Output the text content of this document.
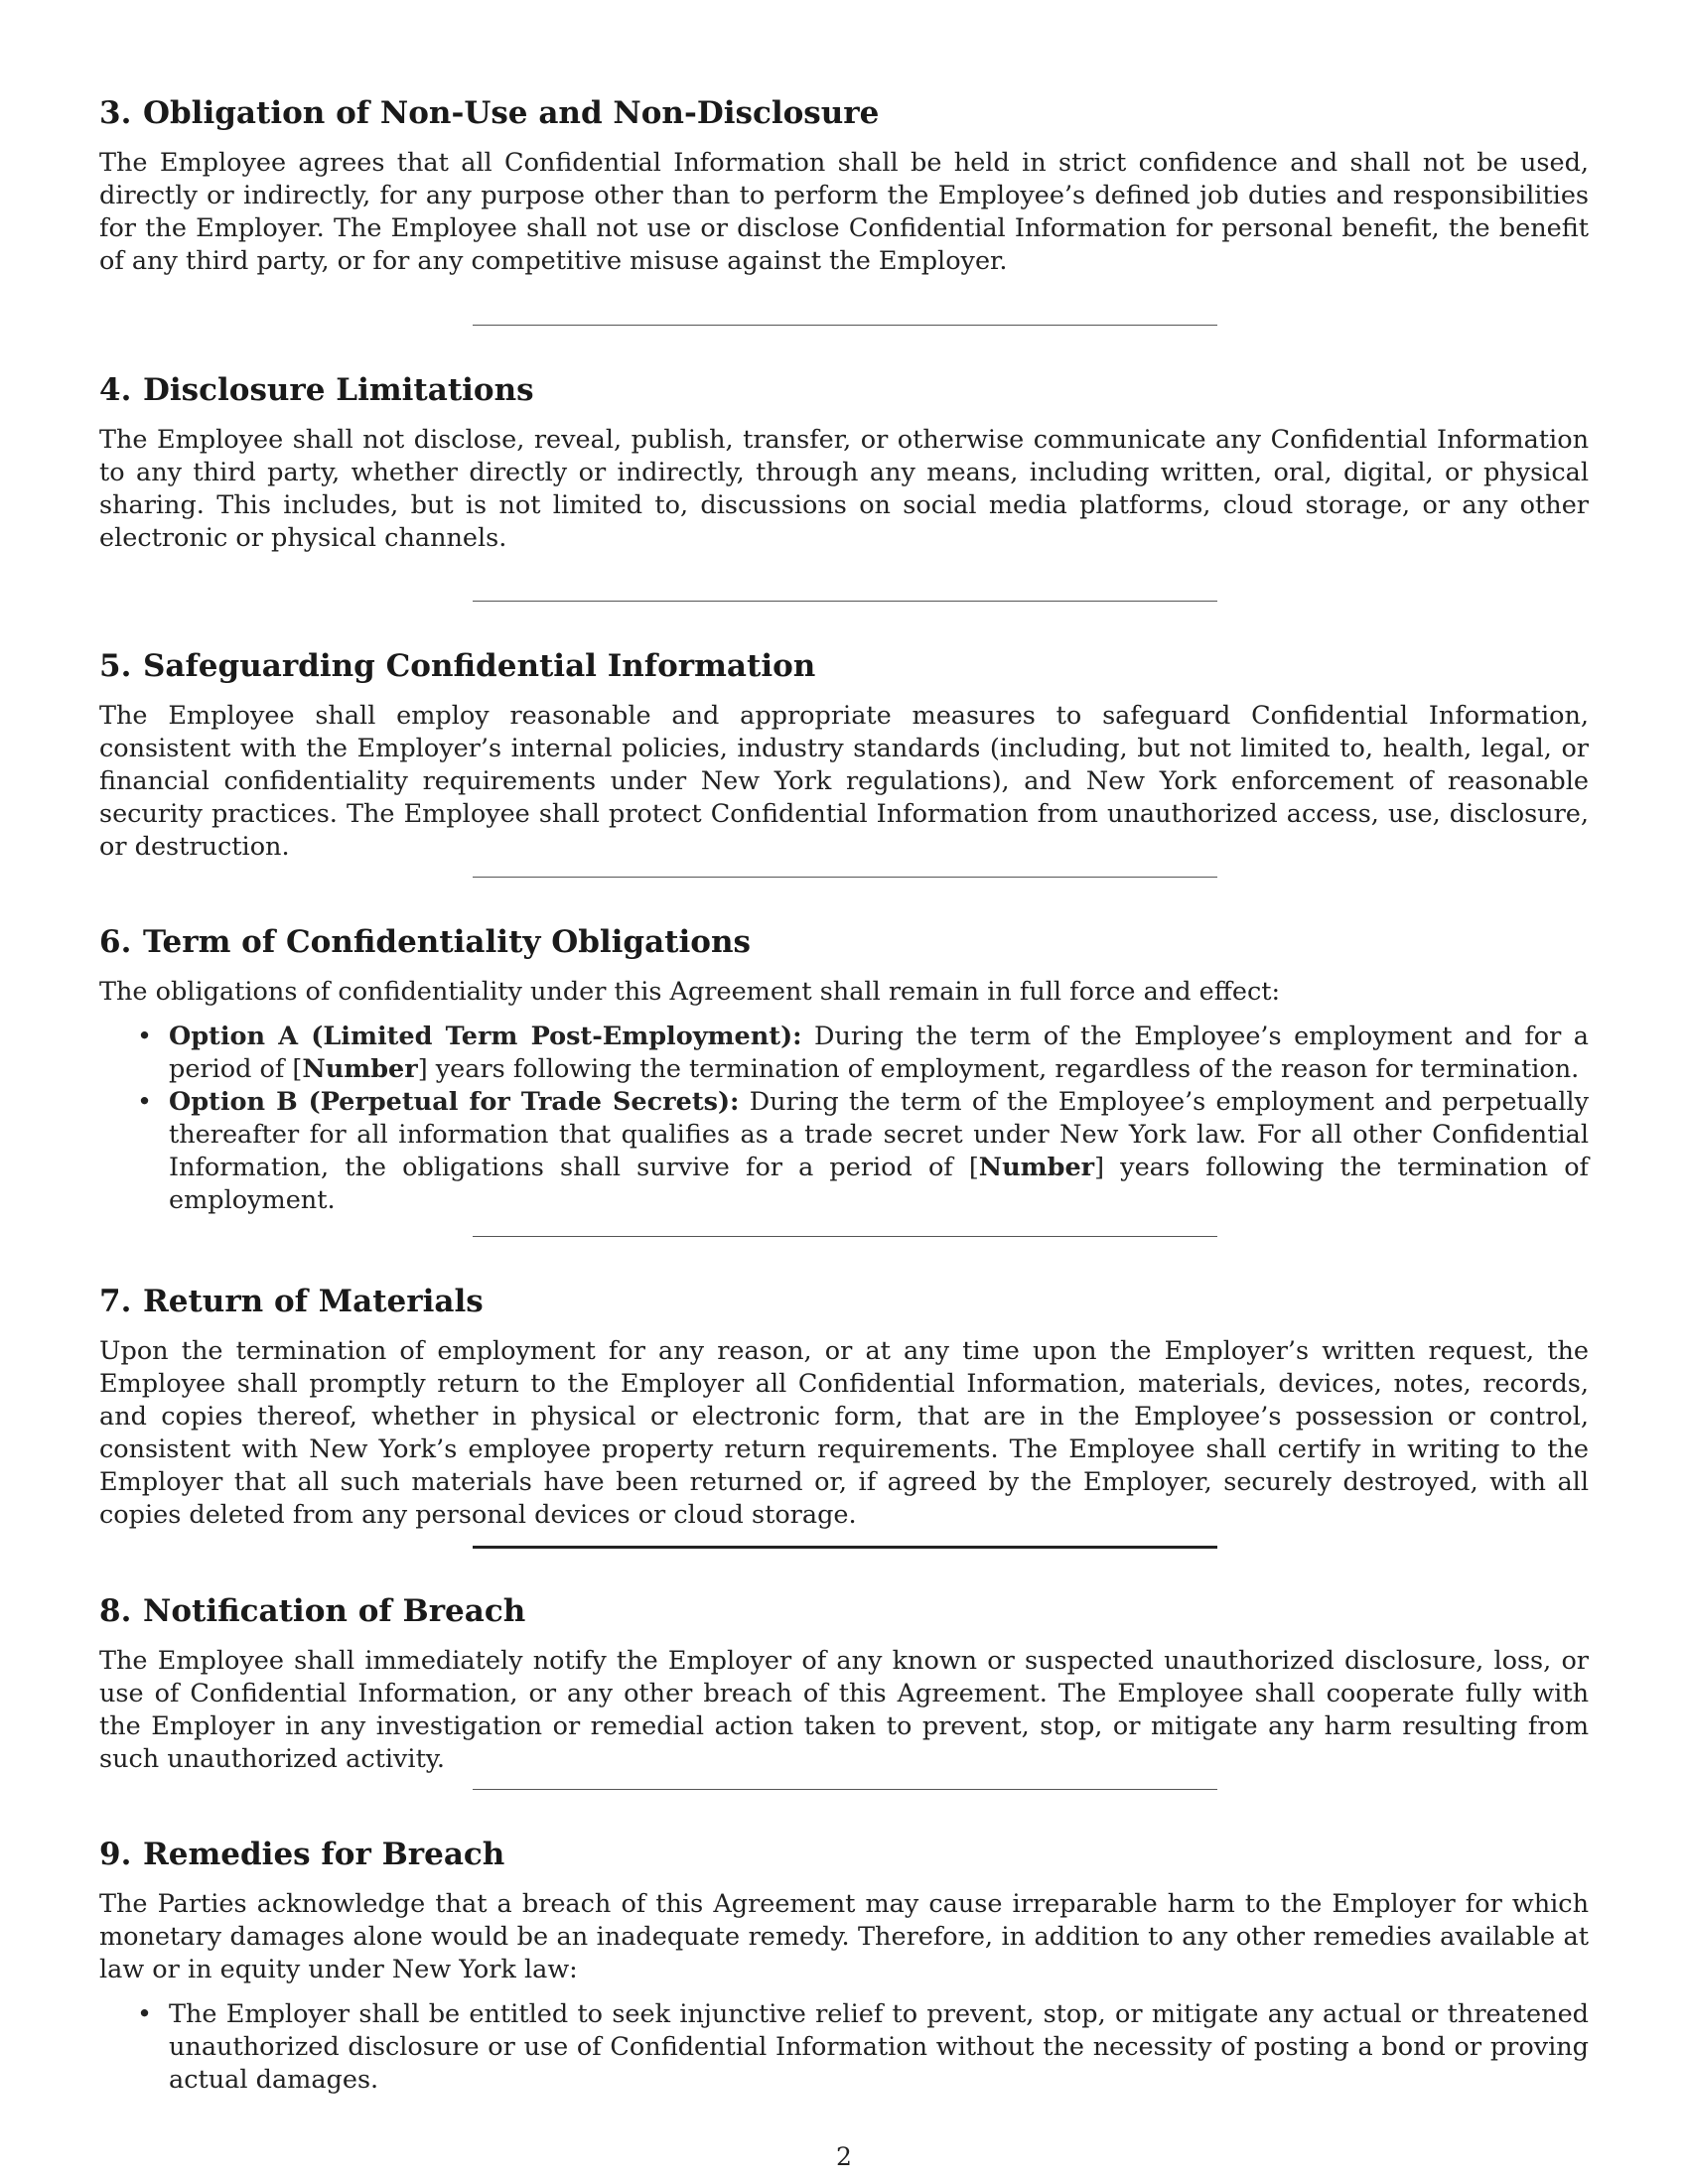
3. Obligation of Non-Use and Non-Disclosure

The Employee agrees that all Confidential Information shall be held in strict confidence and shall not be used, directly or indirectly, for any purpose other than to perform the Employee’s defined job duties and responsibilities for the Employer. The Employee shall not use or disclose Confidential Information for personal benefit, the benefit of any third party, or for any competitive misuse against the Employer.

4. Disclosure Limitations

The Employee shall not disclose, reveal, publish, transfer, or otherwise communicate any Confidential Information to any third party, whether directly or indirectly, through any means, including written, oral, digital, or physical sharing. This includes, but is not limited to, discussions on social media platforms, cloud storage, or any other electronic or physical channels.

5. Safeguarding Confidential Information

The Employee shall employ reasonable and appropriate measures to safeguard Confidential Information, consistent with the Employer’s internal policies, industry standards (including, but not limited to, health, legal, or financial confidentiality requirements under New York regulations), and New York enforcement of reasonable security practices. The Employee shall protect Confidential Information from unauthorized access, use, disclosure, or destruction.

6. Term of Confidentiality Obligations

The obligations of confidentiality under this Agreement shall remain in full force and effect:

• Option A (Limited Term Post-Employment): During the term of the Employee’s employment and for a period of [Number] years following the termination of employment, regardless of the reason for termination.
• Option B (Perpetual for Trade Secrets): During the term of the Employee’s employment and perpetually thereafter for all information that qualifies as a trade secret under New York law. For all other Confidential Information, the obligations shall survive for a period of [Number] years following the termination of employment.
7. Return of Materials

Upon the termination of employment for any reason, or at any time upon the Employer’s written request, the Employee shall promptly return to the Employer all Confidential Information, materials, devices, notes, records, and copies thereof, whether in physical or electronic form, that are in the Employee’s possession or control, consistent with New York’s employee property return requirements. The Employee shall certify in writing to the Employer that all such materials have been returned or, if agreed by the Employer, securely destroyed, with all copies deleted from any personal devices or cloud storage.

8. Notification of Breach

The Employee shall immediately notify the Employer of any known or suspected unauthorized disclosure, loss, or use of Confidential Information, or any other breach of this Agreement. The Employee shall cooperate fully with the Employer in any investigation or remedial action taken to prevent, stop, or mitigate any harm resulting from such unauthorized activity.

9. Remedies for Breach

The Parties acknowledge that a breach of this Agreement may cause irreparable harm to the Employer for which monetary damages alone would be an inadequate remedy. Therefore, in addition to any other remedies available at law or in equity under New York law:

• The Employer shall be entitled to seek injunctive relief to prevent, stop, or mitigate any actual or threatened unauthorized disclosure or use of Confidential Information without the necessity of posting a bond or proving actual damages.
2
